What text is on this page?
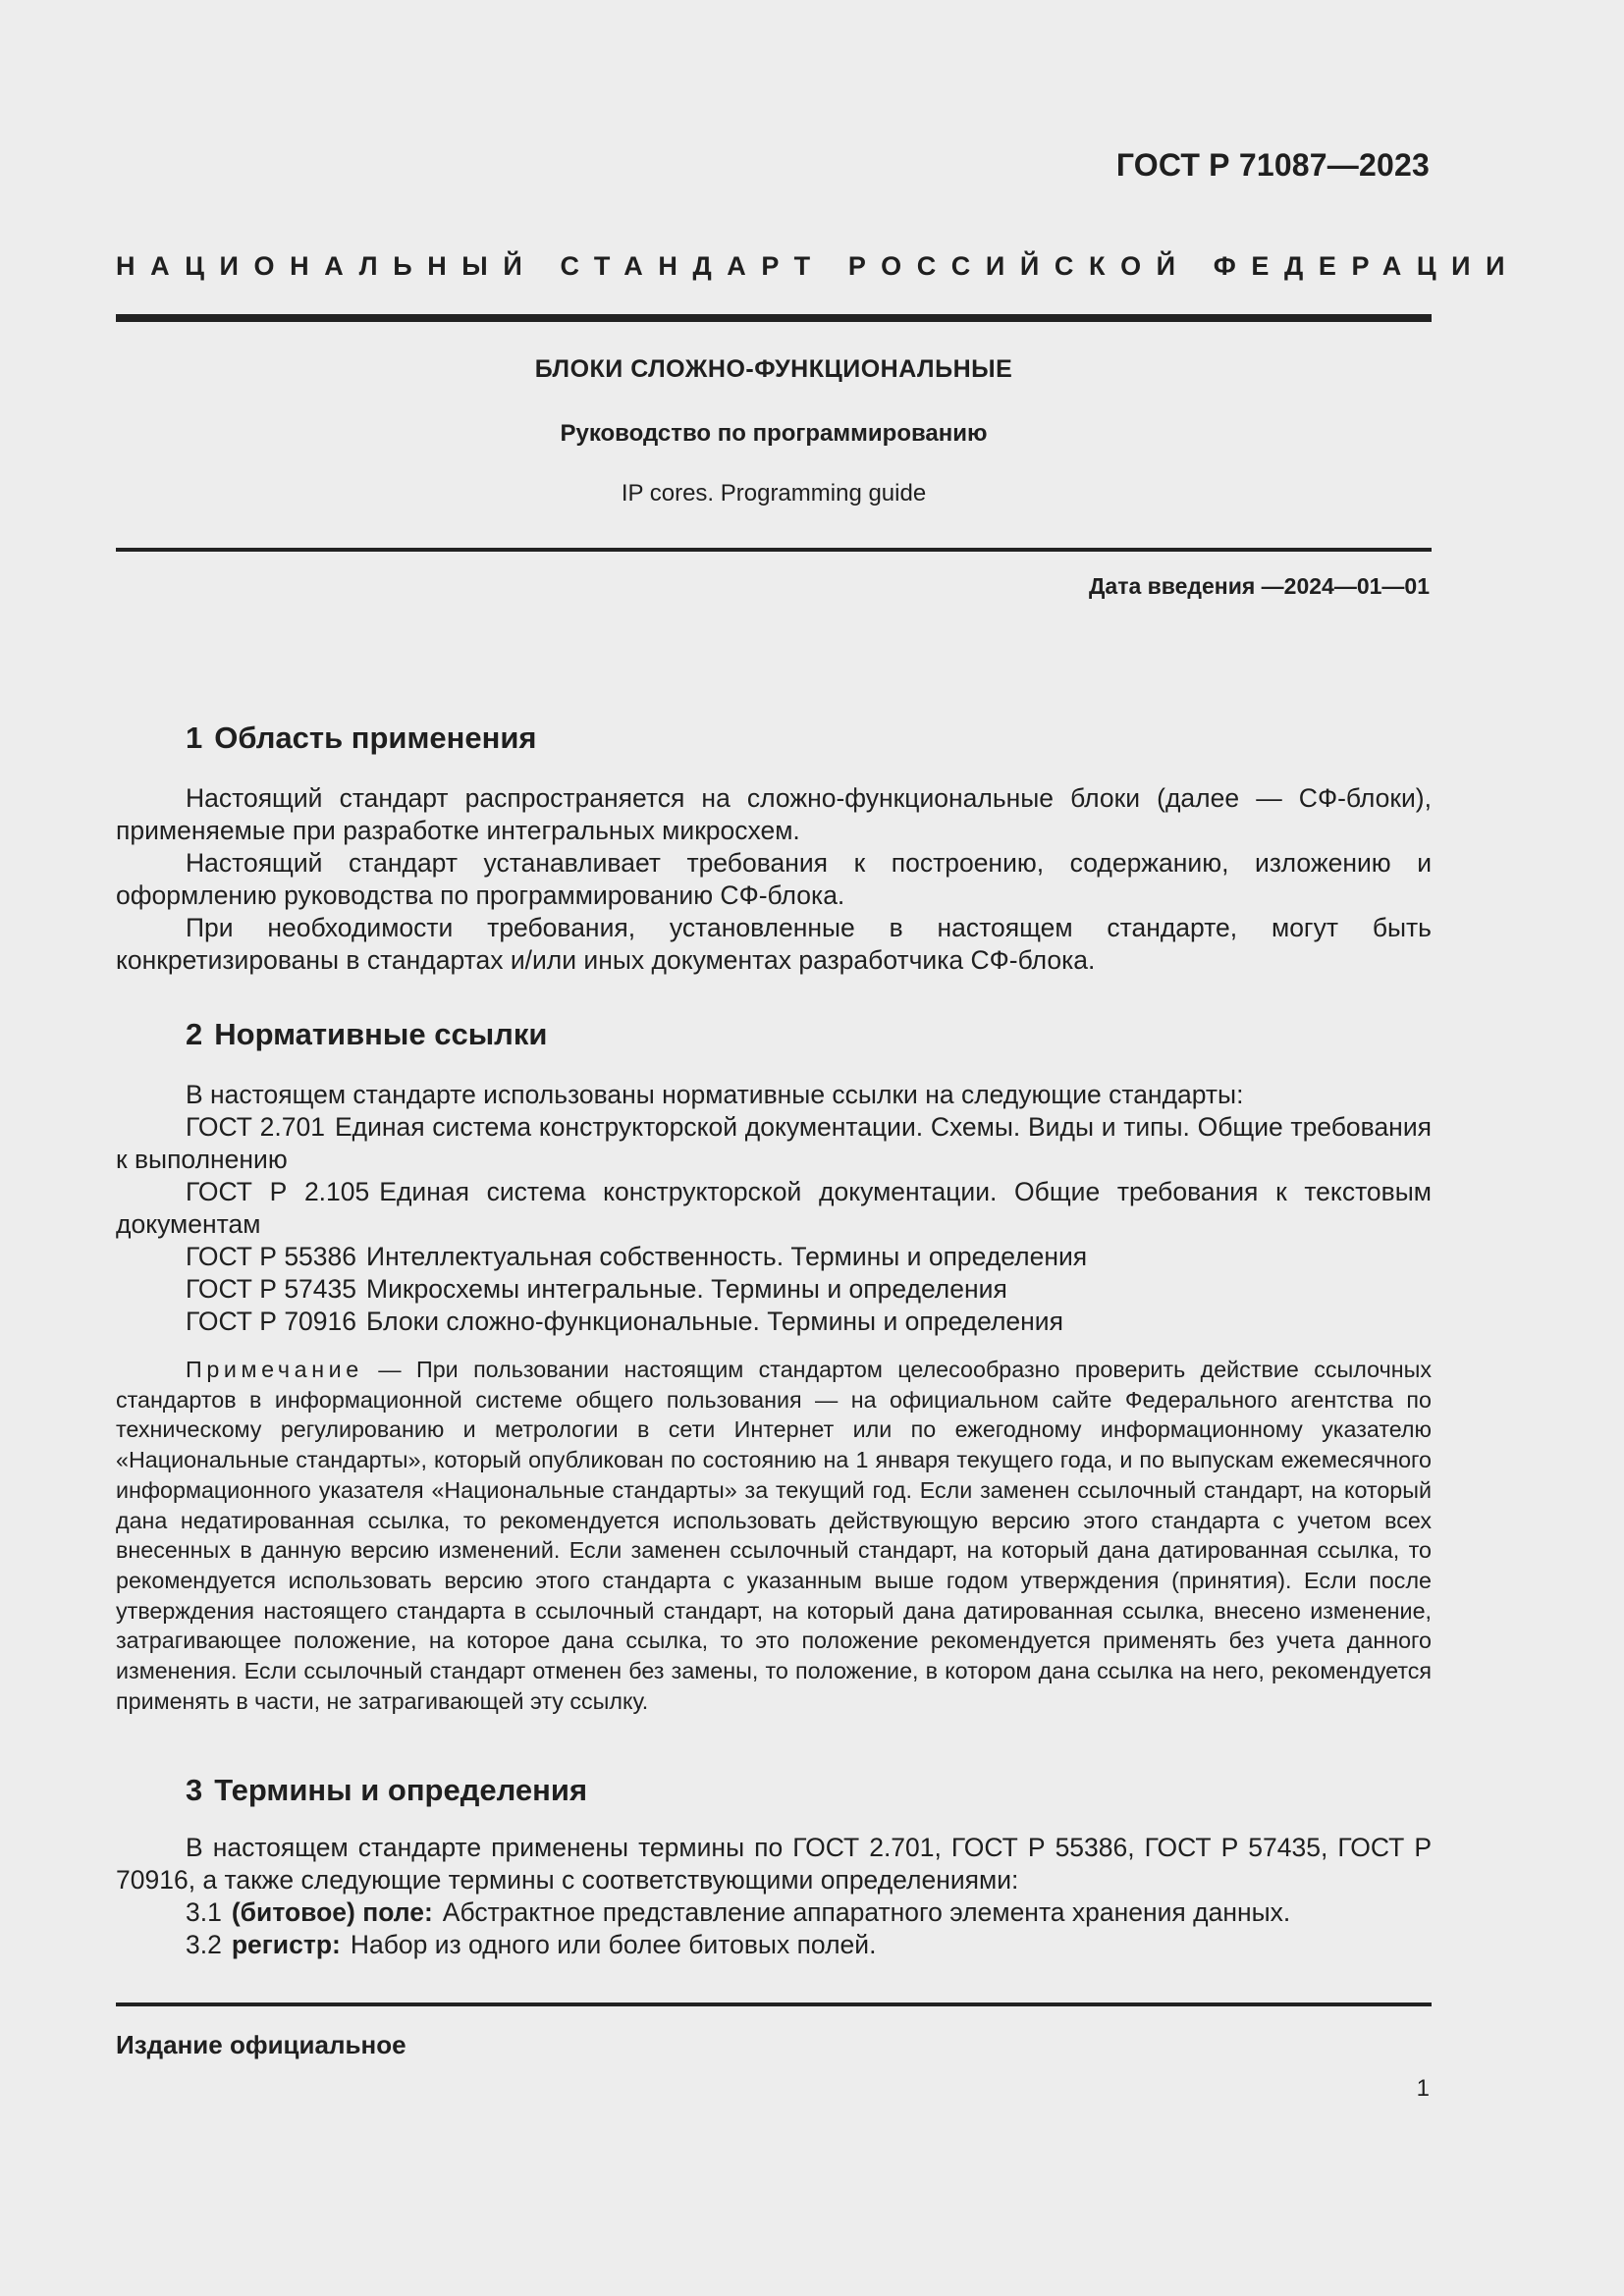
ГОСТ Р 71087—2023
НАЦИОНАЛЬНЫЙ СТАНДАРТ РОССИЙСКОЙ ФЕДЕРАЦИИ
БЛОКИ СЛОЖНО-ФУНКЦИОНАЛЬНЫЕ
Руководство по программированию
IP cores. Programming guide
Дата введения —2024—01—01
1 Область применения

Настоящий стандарт распространяется на сложно-функциональные блоки (далее — СФ-блоки), применяемые при разработке интегральных микросхем.

Настоящий стандарт устанавливает требования к построению, содержанию, изложению и оформлению руководства по программированию СФ-блока.

При необходимости требования, установленные в настоящем стандарте, могут быть конкретизированы в стандартах и/или иных документах разработчика СФ-блока.

2 Нормативные ссылки

В настоящем стандарте использованы нормативные ссылки на следующие стандарты:

ГОСТ 2.701 Единая система конструкторской документации. Схемы. Виды и типы. Общие требования к выполнению

ГОСТ Р 2.105 Единая система конструкторской документации. Общие требования к текстовым документам

ГОСТ Р 55386 Интеллектуальная собственность. Термины и определения

ГОСТ Р 57435 Микросхемы интегральные. Термины и определения

ГОСТ Р 70916 Блоки сложно-функциональные. Термины и определения

Примечание — При пользовании настоящим стандартом целесообразно проверить действие ссылочных стандартов в информационной системе общего пользования — на официальном сайте Федерального агентства по техническому регулированию и метрологии в сети Интернет или по ежегодному информационному указателю «Национальные стандарты», который опубликован по состоянию на 1 января текущего года, и по выпускам ежемесячного информационного указателя «Национальные стандарты» за текущий год. Если заменен ссылочный стандарт, на который дана недатированная ссылка, то рекомендуется использовать действующую версию этого стандарта с учетом всех внесенных в данную версию изменений. Если заменен ссылочный стандарт, на который дана датированная ссылка, то рекомендуется использовать версию этого стандарта с указанным выше годом утверждения (принятия). Если после утверждения настоящего стандарта в ссылочный стандарт, на который дана датированная ссылка, внесено изменение, затрагивающее положение, на которое дана ссылка, то это положение рекомендуется применять без учета данного изменения. Если ссылочный стандарт отменен без замены, то положение, в котором дана ссылка на него, рекомендуется применять в части, не затрагивающей эту ссылку.

3 Термины и определения

В настоящем стандарте применены термины по ГОСТ 2.701, ГОСТ Р 55386, ГОСТ Р 57435, ГОСТ Р 70916, а также следующие термины с соответствующими определениями:

3.1 (битовое) поле: Абстрактное представление аппаратного элемента хранения данных.

3.2 регистр: Набор из одного или более битовых полей.

Издание официальное
1
